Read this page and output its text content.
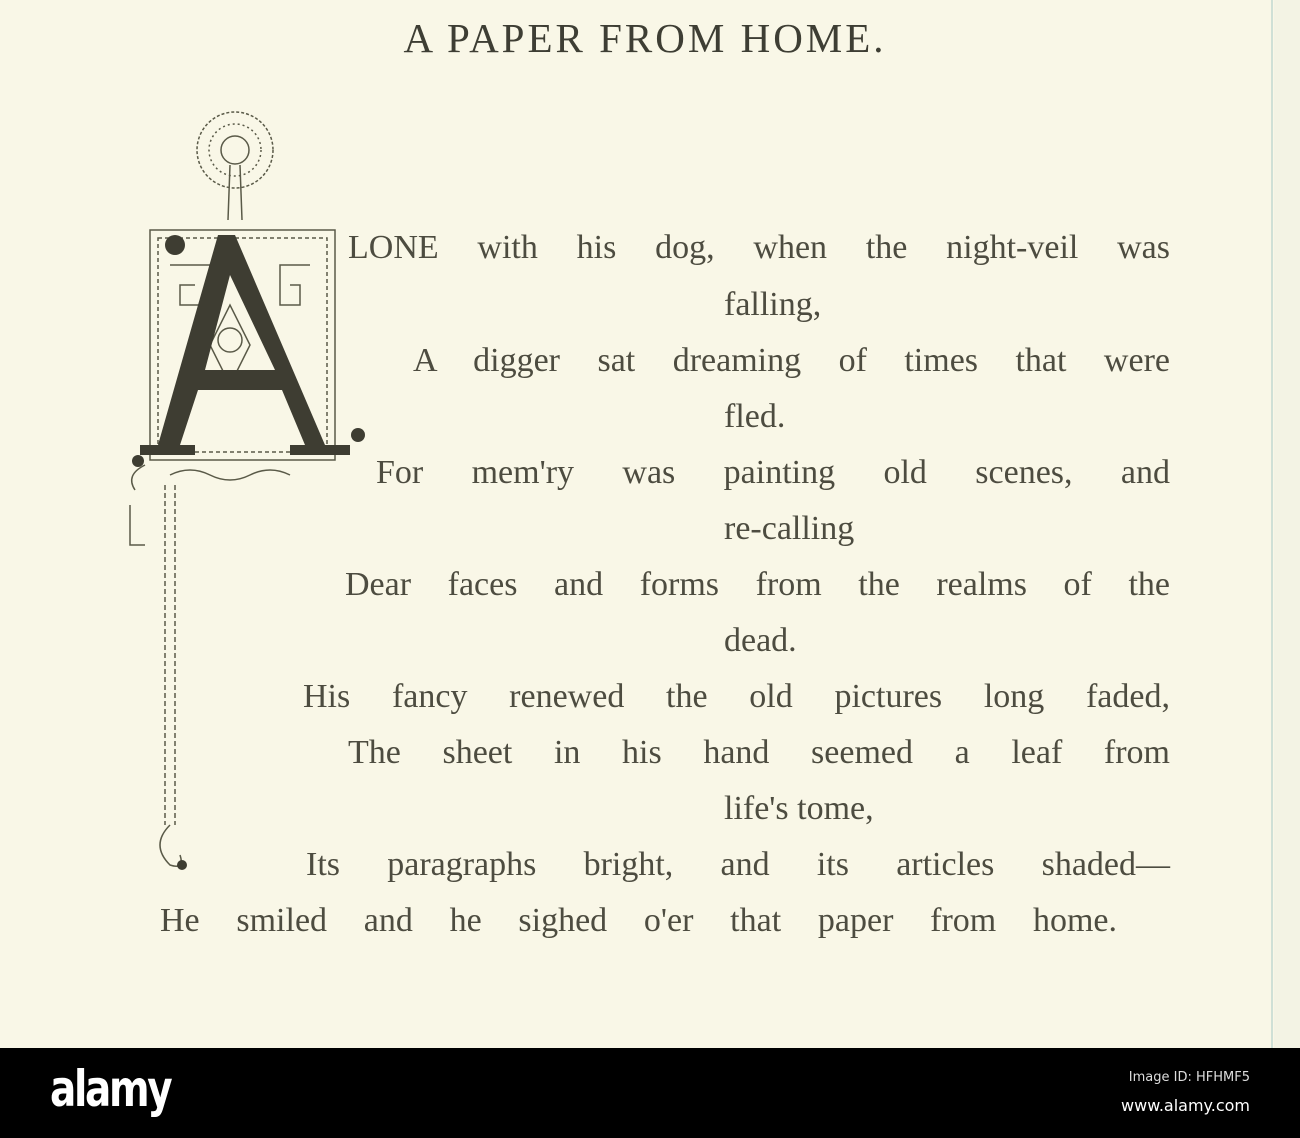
A PAPER FROM HOME.
LONE with his dog, when the night-veil was
falling,
A digger sat dreaming of times that were
fled.
For mem'ry was painting old scenes, and
re-calling
Dear faces and forms from the realms of the
dead.
His fancy renewed the old pictures long faded,
The sheet in his hand seemed a leaf from
life's tome,
Its paragraphs bright, and its articles shaded—
He smiled and he sighed o'er that paper from home.
alamy	Image ID: HFHMF5
www.alamy.com
